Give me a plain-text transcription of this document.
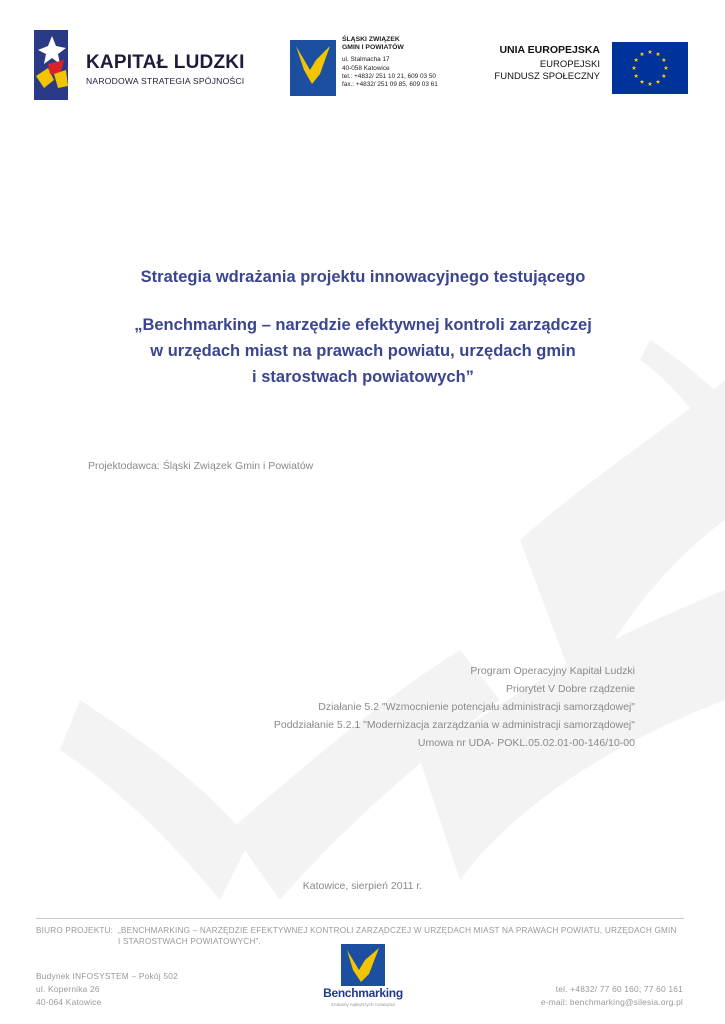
KAPITAŁ LUDZKI
NARODOWA STRATEGIA SPÓJNOŚCI
ŚLĄSKI ZWIĄZEK
GMIN I POWIATÓW
ul. Stalmacha 17
40-058 Katowice
tel.: +4832/ 251 10 21, 609 03 50
fax.: +4832/ 251 09 85, 609 03 61
UNIA EUROPEJSKA
EUROPEJSKI
FUNDUSZ SPOŁECZNY
Strategia wdrażania projektu innowacyjnego testującego
„Benchmarking – narzędzie efektywnej kontroli zarządczej
w urzędach miast na prawach powiatu, urzędach gmin
i starostwach powiatowych”
Projektodawca: Śląski Związek Gmin i Powiatów
Program Operacyjny Kapitał Ludzki
Priorytet V Dobre rządzenie
Działanie 5.2 "Wzmocnienie potencjału administracji samorządowej"
Poddziałanie 5.2.1 "Modernizacja zarządzania w administracji samorządowej"
Umowa nr UDA- POKL.05.02.01-00-146/10-00
Katowice, sierpień 2011 r.
BIURO PROJEKTU: „BENCHMARKING – NARZĘDZIE EFEKTYWNEJ KONTROLI ZARZĄDCZEJ W URZĘDACH MIAST NA PRAWACH POWIATU, URZĘDACH GMIN
I STAROSTWACH POWIATOWYCH”.
Budynek INFOSYSTEM – Pokój 502
ul. Kopernika 26
40-064 Katowice
Benchmarking
szukamy najlepszych rozwiązań
tel. +4832/ 77 60 160; 77 60 161
e-mail: benchmarking@silesia.org.pl
